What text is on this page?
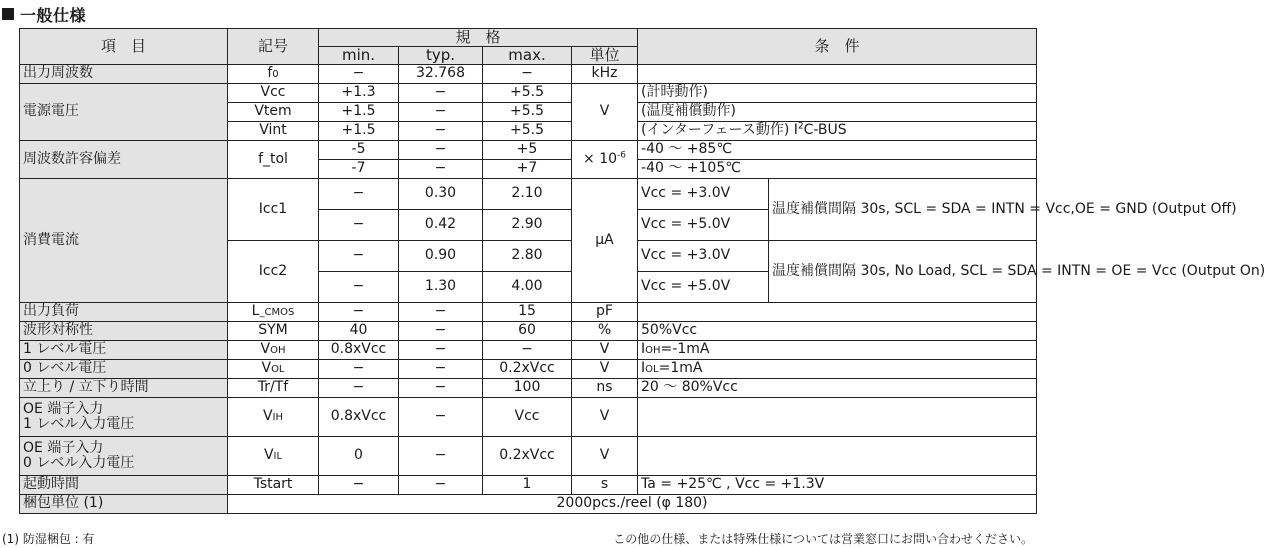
一般仕様
項　目	記号	規　格				条　件	
		min.	typ.	max.	単位		
出力周波数	f0	−	32.768	−	kHz		
電源電圧	Vcc	+1.3	−	+5.5	V	(計時動作)	
	Vtem	+1.5	−	+5.5		(温度補償動作)	
	Vint	+1.5	−	+5.5		(インターフェース動作) $I^2C$-BUS	
周波数許容偏差	f_tol	-5	−	+5	× $10^{-6}$	-40 ～ +85℃	
		-7	−	+7		-40 ～ +105℃	
消費電流	Icc1	−	0.30	2.10	μA	Vcc = +3.0V	温度補償間隔 30s, SCL = SDA = INTN = Vcc,OE = GND (Output Off)
		−	0.42	2.90		Vcc = +5.0V	
	Icc2	−	0.90	2.80		Vcc = +3.0V	温度補償間隔 30s, No Load, SCL = SDA = INTN = OE = Vcc (Output On)
		−	1.30	4.00		Vcc = +5.0V	
出力負荷	L_CMOS	−	−	15	pF		
波形対称性	SYM	40	−	60	%	50%Vcc	
1 レベル電圧	VOH	0.8xVcc	−	−	V	IOH=-1mA	
0 レベル電圧	VOL	−	−	0.2xVcc	V	IOL=1mA	
立上り / 立下り時間	Tr/Tf	−	−	100	ns	20 ～ 80%Vcc	

OE 端子入力
1 レベル入力電圧	VIH	0.8xVcc	−	Vcc	V		

OE 端子入力
0 レベル入力電圧	VIL	0	−	0.2xVcc	V		
起動時間	Tstart	−	−	1	s	Ta = +25℃ , Vcc = +1.3V	
梱包単位 (1)	2000pcs./reel (φ 180)						
(1) 防湿梱包 : 有	この他の仕様、または特殊仕様については営業窓口にお問い合わせください。
